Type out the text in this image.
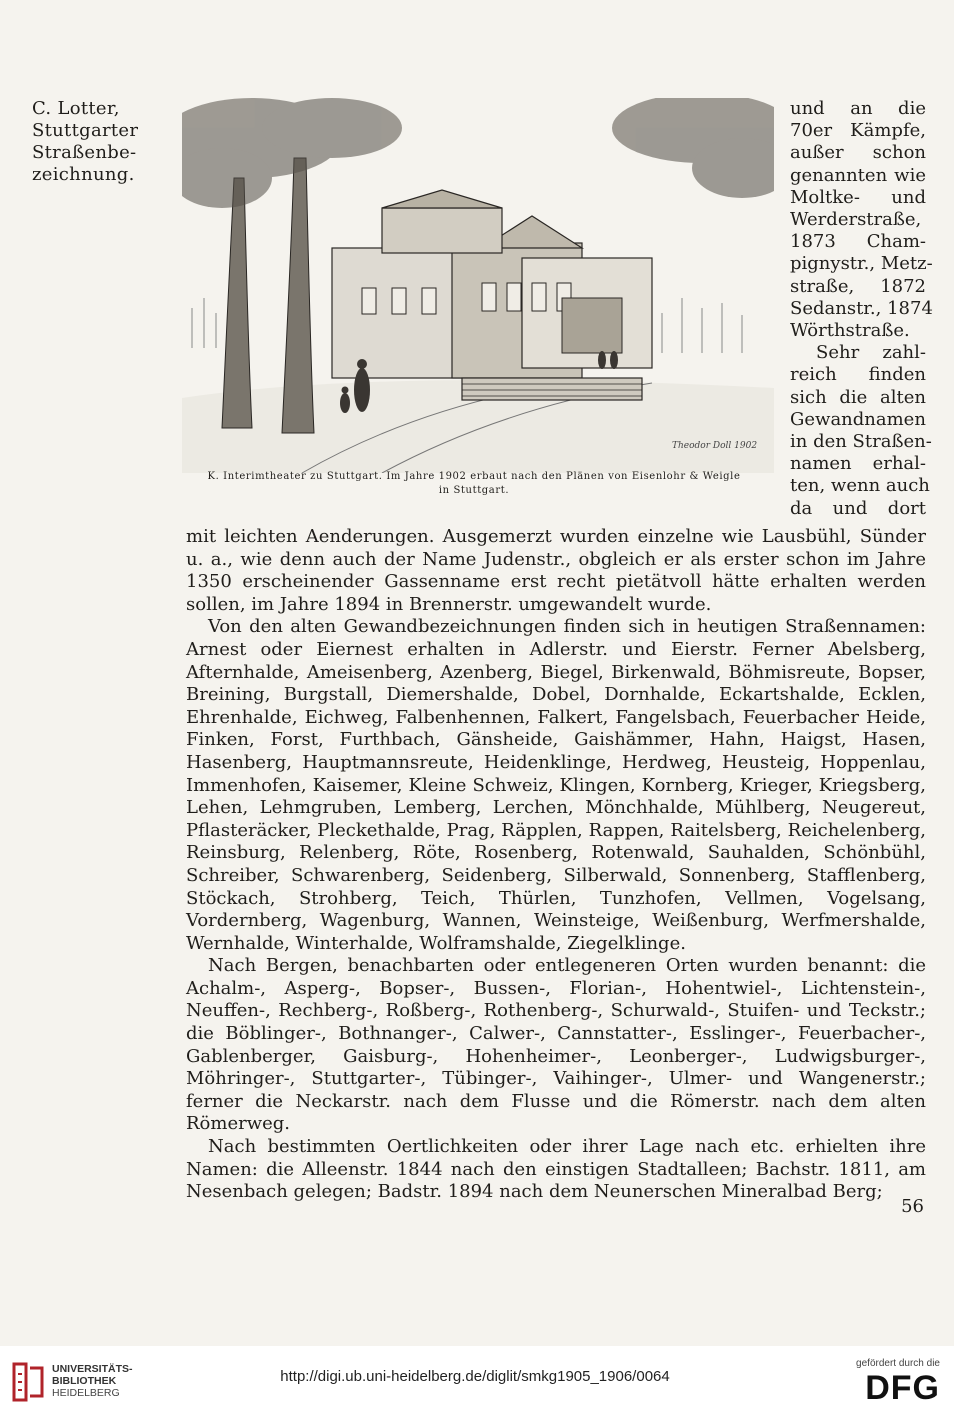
C. Lotter,
Stuttgarter
Straßenbe-
zeichnung.
Theodor Doll 1902
K. Interimtheater zu Stuttgart. Im Jahre 1902 erbaut nach den Plänen von Eisenlohr & Weigle
in Stuttgart.
und an die
70er Kämpfe,
außer schon
genannten wie
Moltke- und
Werderstraße,
1873 Cham-
pignystr., Metz-
straße, 1872
Sedanstr., 1874
Wörthstraße.
Sehr zahl-
reich finden
sich die alten
Gewandnamen
in den Straßen-
namen erhal-
ten, wenn auch
da und dort

mit leichten Aenderungen. Ausgemerzt wurden einzelne wie Lausbühl, Sünder u. a., wie denn auch der Name Judenstr., obgleich er als erster schon im Jahre 1350 erscheinender Gassenname erst recht pietätvoll hätte erhalten werden sollen, im Jahre 1894 in Brennerstr. umgewandelt wurde.

Von den alten Gewandbezeichnungen finden sich in heutigen Straßennamen: Arnest oder Eiernest erhalten in Adlerstr. und Eierstr. Ferner Abelsberg, Afternhalde, Ameisenberg, Azenberg, Biegel, Birkenwald, Böhmisreute, Bopser, Breining, Burgstall, Diemershalde, Dobel, Dornhalde, Eckartshalde, Ecklen, Ehrenhalde, Eichweg, Falbenhennen, Falkert, Fangelsbach, Feuerbacher Heide, Finken, Forst, Furthbach, Gänsheide, Gaishämmer, Hahn, Haigst, Hasen, Hasenberg, Hauptmannsreute, Heidenklinge, Herdweg, Heusteig, Hoppenlau, Immenhofen, Kaisemer, Kleine Schweiz, Klingen, Kornberg, Krieger, Kriegsberg, Lehen, Lehmgruben, Lemberg, Lerchen, Mönchhalde, Mühlberg, Neugereut, Pflasteräcker, Pleckethalde, Prag, Räpplen, Rappen, Raitelsberg, Reichelenberg, Reinsburg, Relenberg, Röte, Rosenberg, Rotenwald, Sauhalden, Schönbühl, Schreiber, Schwarenberg, Seidenberg, Silberwald, Sonnenberg, Stafflenberg, Stöckach, Strohberg, Teich, Thürlen, Tunzhofen, Vellmen, Vogelsang, Vordernberg, Wagenburg, Wannen, Weinsteige, Weißenburg, Werfmershalde, Wernhalde, Winterhalde, Wolframshalde, Ziegelklinge.

Nach Bergen, benachbarten oder entlegeneren Orten wurden benannt: die Achalm-, Asperg-, Bopser-, Bussen-, Florian-, Hohentwiel-, Lichtenstein-, Neuffen-, Rechberg-, Roßberg-, Rothenberg-, Schurwald-, Stuifen- und Teckstr.; die Böblinger-, Bothnanger-, Calwer-, Cannstatter-, Esslinger-, Feuerbacher-, Gablenberger, Gaisburg-, Hohenheimer-, Leonberger-, Ludwigsburger-, Möhringer-, Stuttgarter-, Tübinger-, Vaihinger-, Ulmer- und Wangenerstr.; ferner die Neckarstr. nach dem Flusse und die Römerstr. nach dem alten Römerweg.

Nach bestimmten Oertlichkeiten oder ihrer Lage nach etc. erhielten ihre Namen: die Alleenstr. 1844 nach den einstigen Stadtalleen; Bachstr. 1811, am Nesenbach gelegen; Badstr. 1894 nach dem Neunerschen Mineralbad Berg;

56
UNIVERSITÄTS-
BIBLIOTHEK
HEIDELBERG
http://digi.ub.uni-heidelberg.de/diglit/smkg1905_1906/0064
gefördert durch die
DFG
